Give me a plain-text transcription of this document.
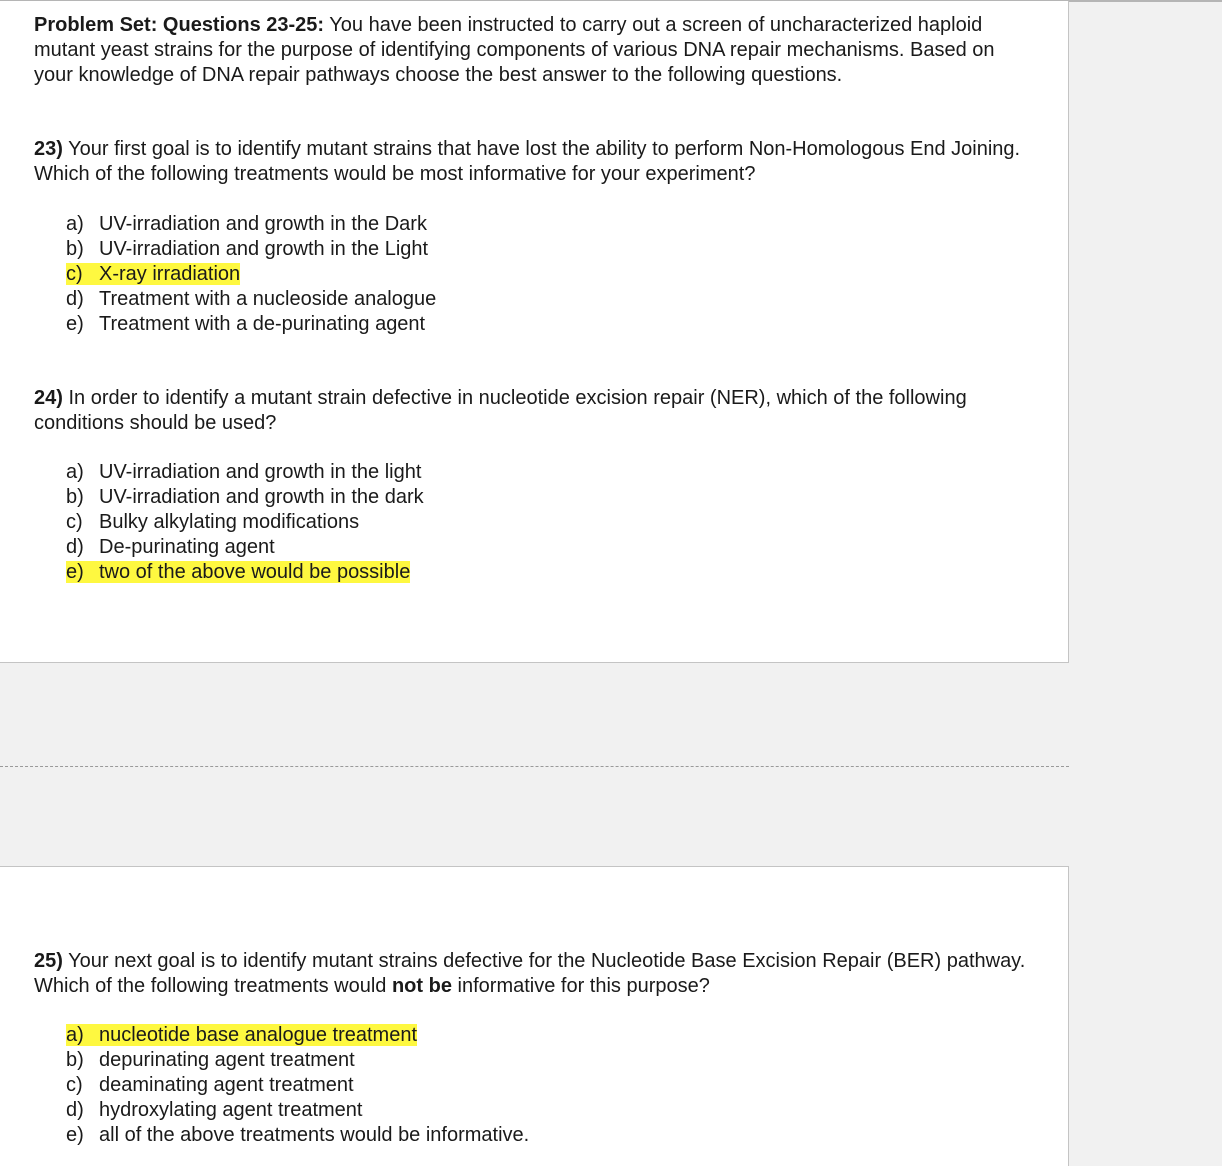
Problem Set: Questions 23-25: You have been instructed to carry out a screen of uncharacterized haploid mutant yeast strains for the purpose of identifying components of various DNA repair mechanisms. Based on your knowledge of DNA repair pathways choose the best answer to the following questions.

23) Your first goal is to identify mutant strains that have lost the ability to perform Non-Homologous End Joining. Which of the following treatments would be most informative for your experiment?

a) UV-irradiation and growth in the Dark
b) UV-irradiation and growth in the Light
c) X-ray irradiation
d) Treatment with a nucleoside analogue
e) Treatment with a de-purinating agent

24) In order to identify a mutant strain defective in nucleotide excision repair (NER), which of the following conditions should be used?

a) UV-irradiation and growth in the light
b) UV-irradiation and growth in the dark
c) Bulky alkylating modifications
d) De-purinating agent
e) two of the above would be possible

25) Your next goal is to identify mutant strains defective for the Nucleotide Base Excision Repair (BER) pathway. Which of the following treatments would not be informative for this purpose?

a) nucleotide base analogue treatment
b) depurinating agent treatment
c) deaminating agent treatment
d) hydroxylating agent treatment
e) all of the above treatments would be informative.
